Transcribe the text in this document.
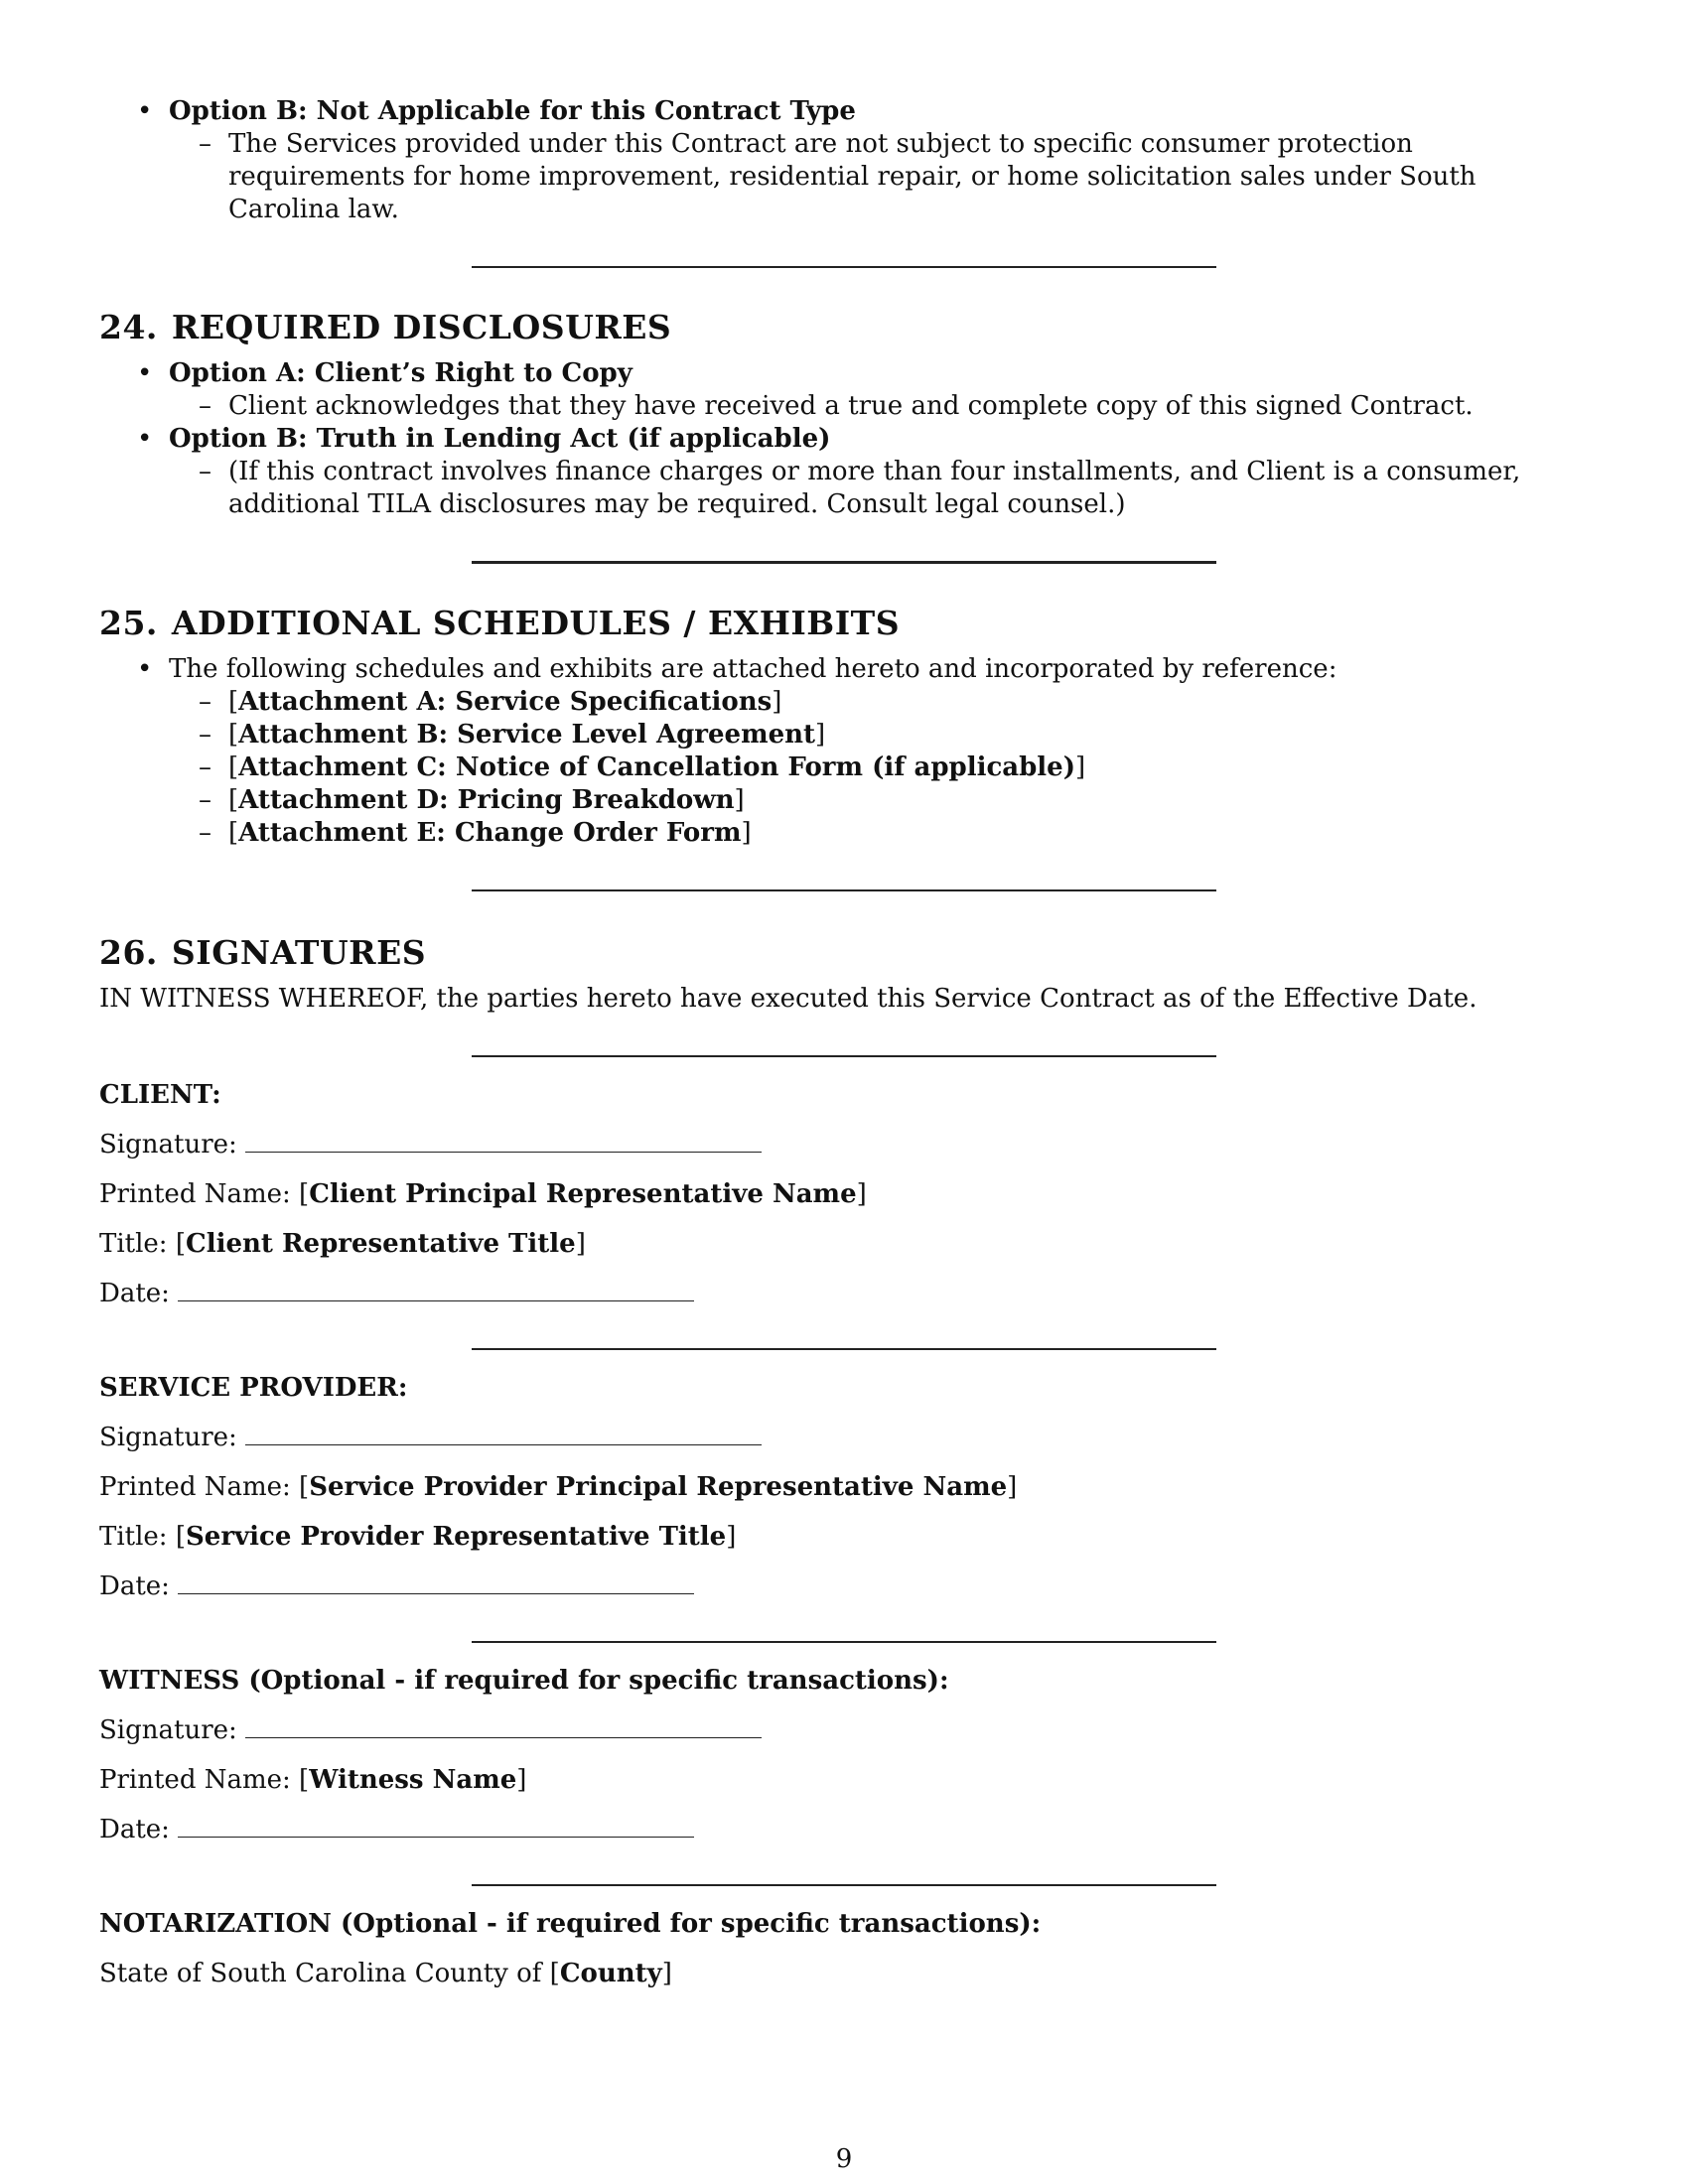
• Option B: Not Applicable for this Contract Type
– The Services provided under this Contract are not subject to specific consumer protection requirements for home improvement, residential repair, or home solicitation sales under South Carolina law.
24. REQUIRED DISCLOSURES
• Option A: Client’s Right to Copy
– Client acknowledges that they have received a true and complete copy of this signed Contract.
• Option B: Truth in Lending Act (if applicable)
– (If this contract involves finance charges or more than four installments, and Client is a consumer, additional TILA disclosures may be required. Consult legal counsel.)
25. ADDITIONAL SCHEDULES / EXHIBITS
• The following schedules and exhibits are attached hereto and incorporated by reference:
– [Attachment A: Service Specifications]
– [Attachment B: Service Level Agreement]
– [Attachment C: Notice of Cancellation Form (if applicable)]
– [Attachment D: Pricing Breakdown]
– [Attachment E: Change Order Form]
26. SIGNATURES
IN WITNESS WHEREOF, the parties hereto have executed this Service Contract as of the Effective Date.
CLIENT:
Signature:
Printed Name: [Client Principal Representative Name]
Title: [Client Representative Title]
Date:
SERVICE PROVIDER:
Signature:
Printed Name: [Service Provider Principal Representative Name]
Title: [Service Provider Representative Title]
Date:
WITNESS (Optional - if required for specific transactions):
Signature:
Printed Name: [Witness Name]
Date:
NOTARIZATION (Optional - if required for specific transactions):
State of South Carolina County of [County]
9
